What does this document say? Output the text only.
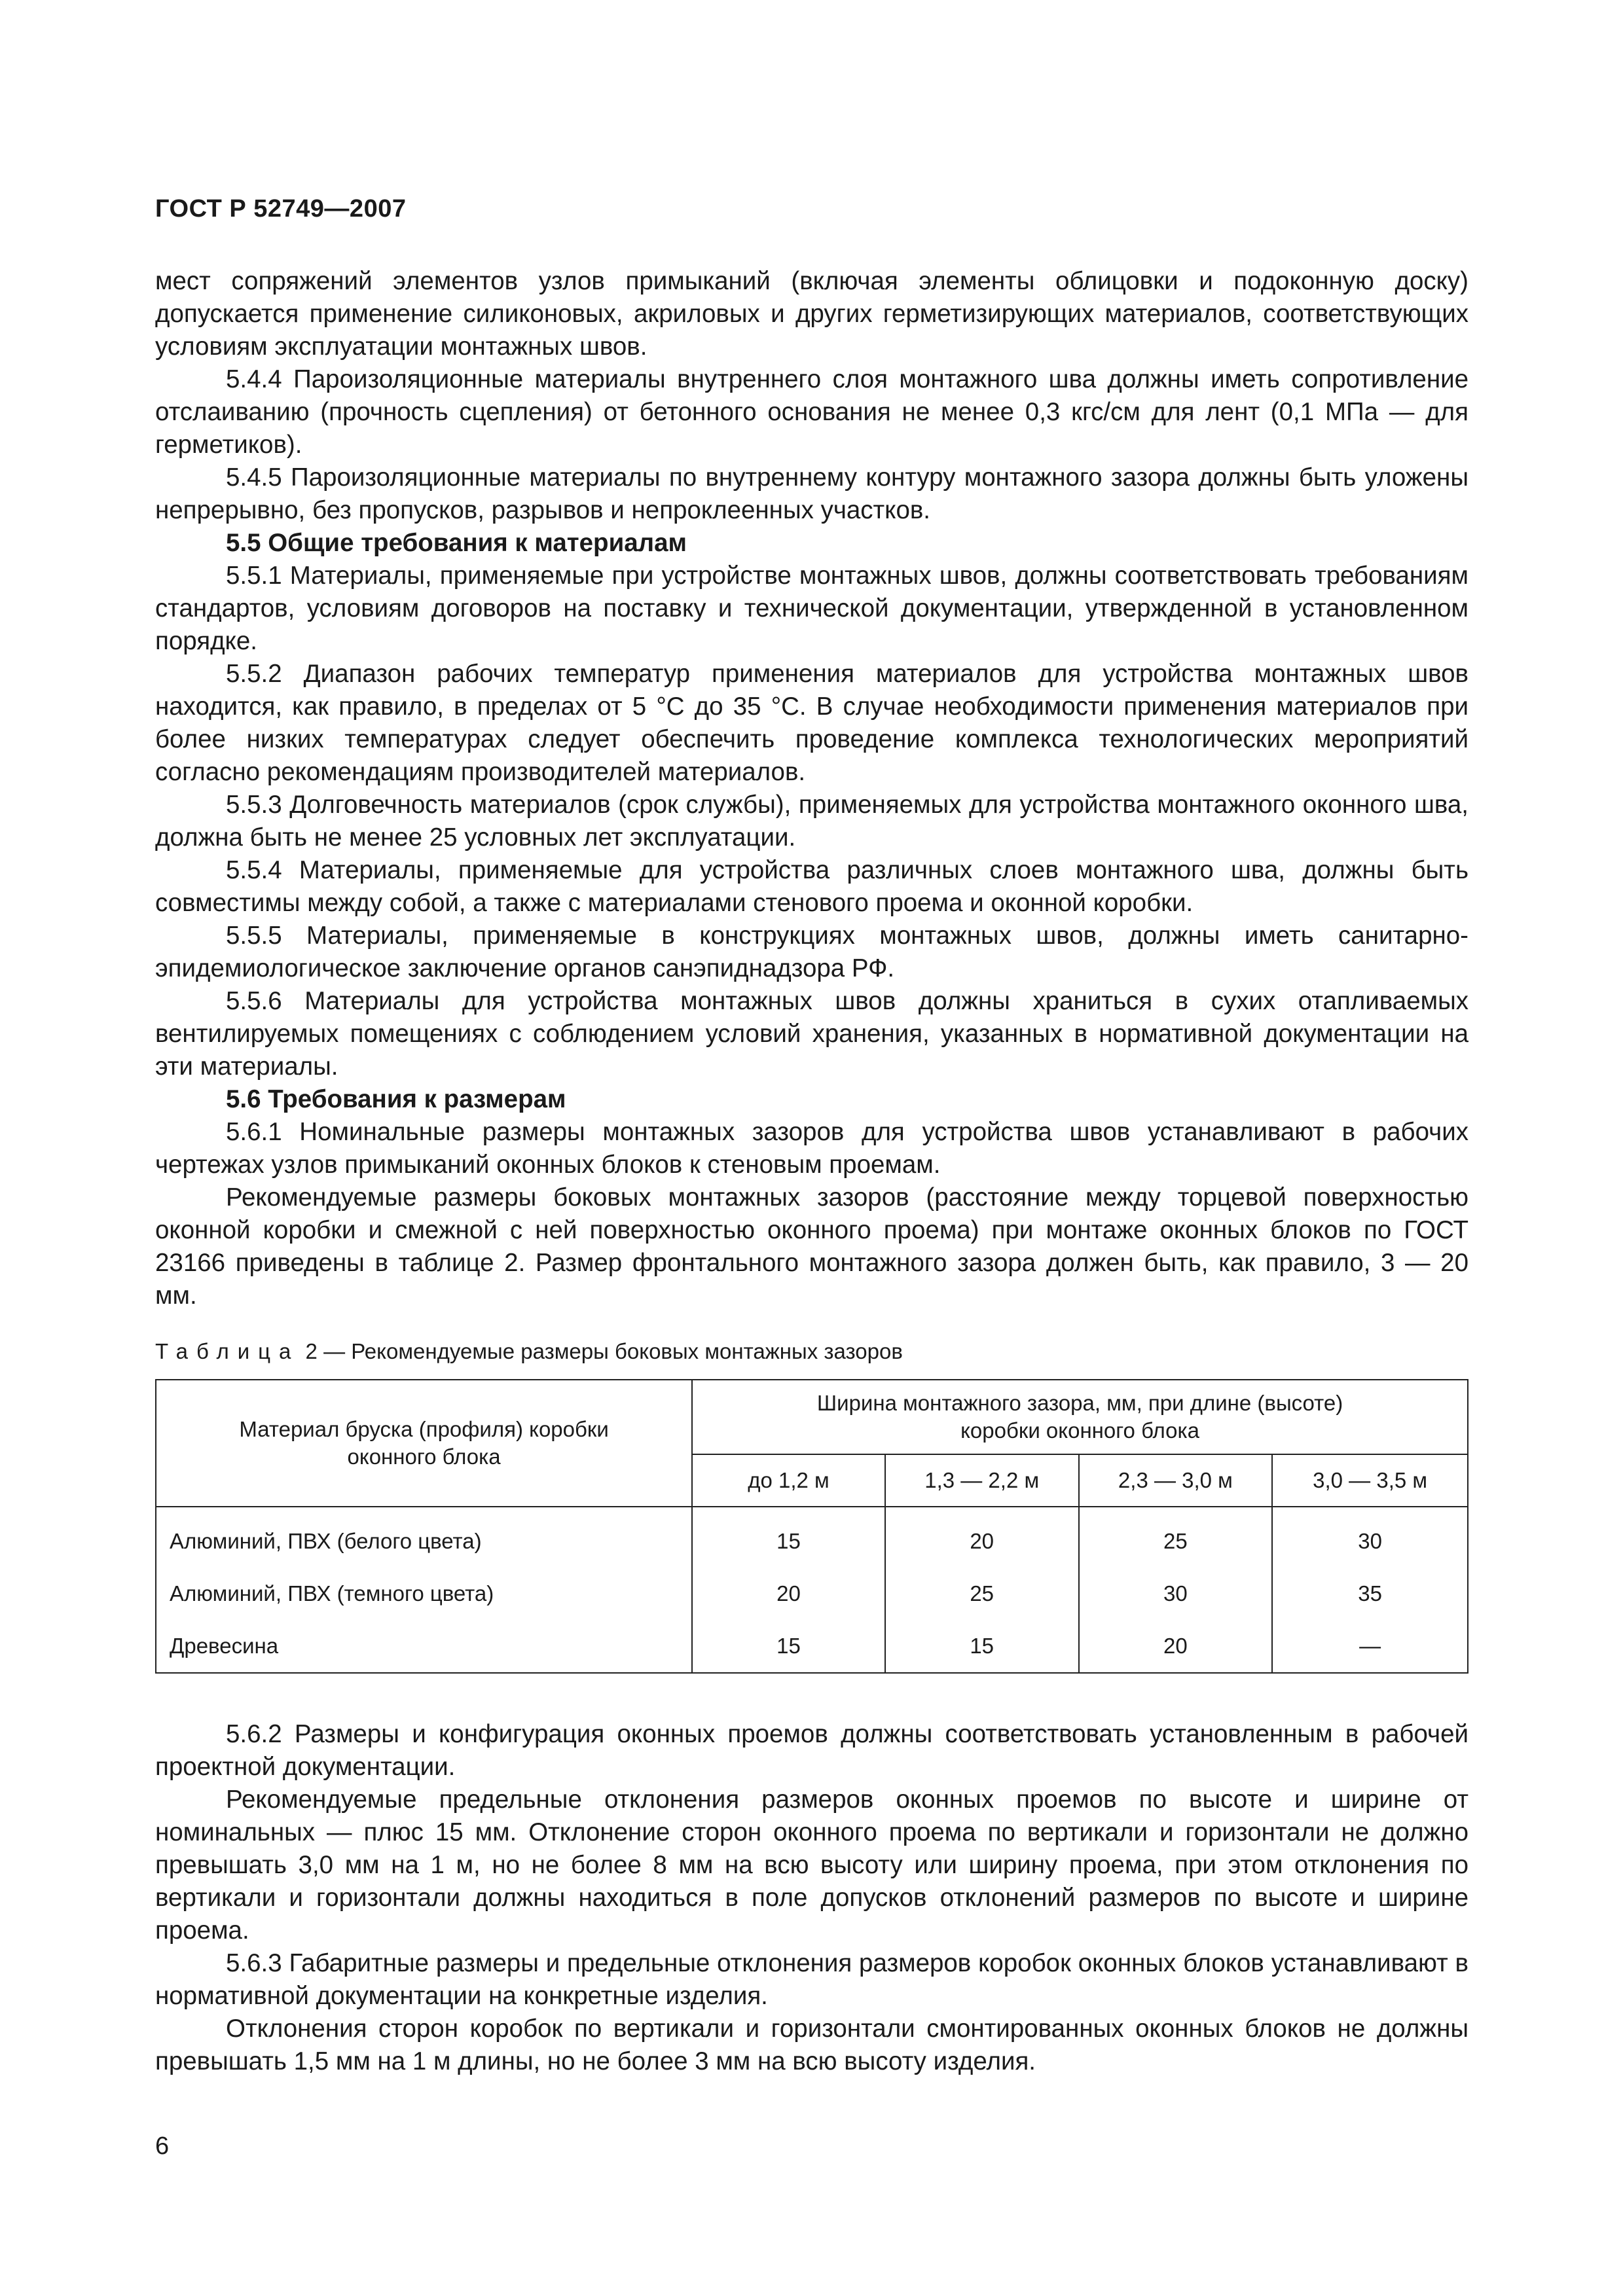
ГОСТ Р 52749—2007

мест сопряжений элементов узлов примыканий (включая элементы облицовки и подоконную доску) допускается применение силиконовых, акриловых и других герметизирующих материалов, соответствующих условиям эксплуатации монтажных швов.

5.4.4 Пароизоляционные материалы внутреннего слоя монтажного шва должны иметь сопротивление отслаиванию (прочность сцепления) от бетонного основания не менее 0,3 кгс/см для лент (0,1 МПа — для герметиков).

5.4.5 Пароизоляционные материалы по внутреннему контуру монтажного зазора должны быть уложены непрерывно, без пропусков, разрывов и непроклеенных участков.

5.5 Общие требования к материалам

5.5.1 Материалы, применяемые при устройстве монтажных швов, должны соответствовать требованиям стандартов, условиям договоров на поставку и технической документации, утвержденной в установленном порядке.

5.5.2 Диапазон рабочих температур применения материалов для устройства монтажных швов находится, как правило, в пределах от 5 °С до 35 °С. В случае необходимости применения материалов при более низких температурах следует обеспечить проведение комплекса технологических мероприятий согласно рекомендациям производителей материалов.

5.5.3 Долговечность материалов (срок службы), применяемых для устройства монтажного оконного шва, должна быть не менее 25 условных лет эксплуатации.

5.5.4 Материалы, применяемые для устройства различных слоев монтажного шва, должны быть совместимы между собой, а также с материалами стенового проема и оконной коробки.

5.5.5 Материалы, применяемые в конструкциях монтажных швов, должны иметь санитарно-эпидемиологическое заключение органов санэпиднадзора РФ.

5.5.6 Материалы для устройства монтажных швов должны храниться в сухих отапливаемых вентилируемых помещениях с соблюдением условий хранения, указанных в нормативной документации на эти материалы.

5.6 Требования к размерам

5.6.1 Номинальные размеры монтажных зазоров для устройства швов устанавливают в рабочих чертежах узлов примыканий оконных блоков к стеновым проемам.

Рекомендуемые размеры боковых монтажных зазоров (расстояние между торцевой поверхностью оконной коробки и смежной с ней поверхностью оконного проема) при монтаже оконных блоков по ГОСТ 23166 приведены в таблице 2. Размер фронтального монтажного зазора должен быть, как правило, 3 — 20 мм.

Таблица 2 — Рекомендуемые размеры боковых монтажных зазоров
Материал бруска (профиля) коробки оконного блока	Ширина монтажного зазора, мм, при длине (высоте) коробки оконного блока			
	до 1,2 м	1,3 — 2,2 м	2,3 — 3,0 м	3,0 — 3,5 м
Алюминий, ПВХ (белого цвета)	15	20	25	30
Алюминий, ПВХ (темного цвета)	20	25	30	35
Древесина	15	15	20	—

5.6.2 Размеры и конфигурация оконных проемов должны соответствовать установленным в рабочей проектной документации.

Рекомендуемые предельные отклонения размеров оконных проемов по высоте и ширине от номинальных — плюс 15 мм. Отклонение сторон оконного проема по вертикали и горизонтали не должно превышать 3,0 мм на 1 м, но не более 8 мм на всю высоту или ширину проема, при этом отклонения по вертикали и горизонтали должны находиться в поле допусков отклонений размеров по высоте и ширине проема.

5.6.3 Габаритные размеры и предельные отклонения размеров коробок оконных блоков устанавливают в нормативной документации на конкретные изделия.

Отклонения сторон коробок по вертикали и горизонтали смонтированных оконных блоков не должны превышать 1,5 мм на 1 м длины, но не более 3 мм на всю высоту изделия.

6
